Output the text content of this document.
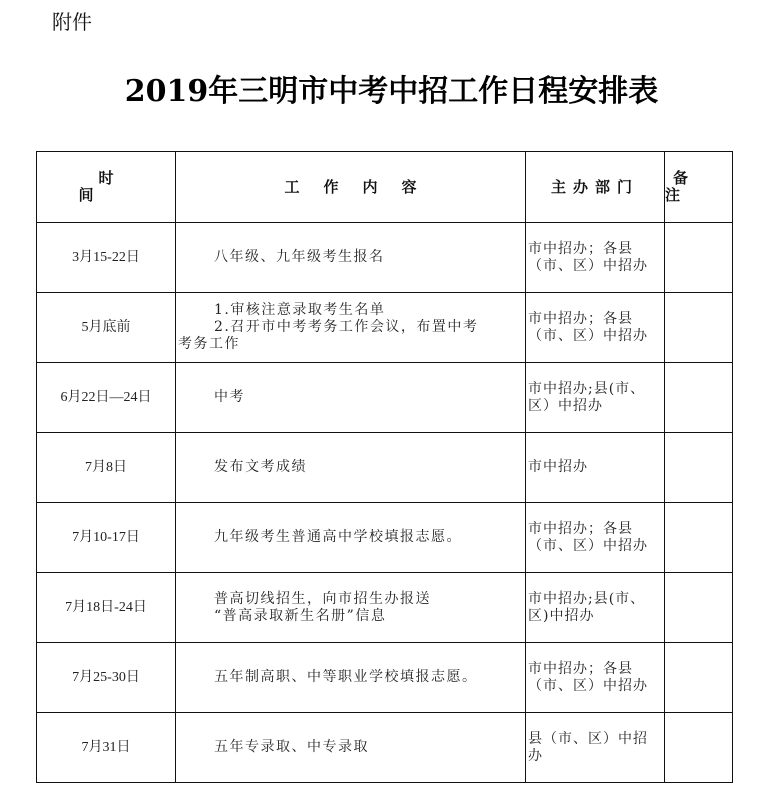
附件
2019年三明市中考中招工作日程安排表
时间	工作内容	主办部门	备注
3月15-22日	八年级、九年级考生报名	市中招办；各县
（市、区）中招办	

5月底前	1.审核注意录取考生名单
2.召开市中考考务工作会议，布置中考
考务工作	市中招办；各县
（市、区）中招办	

6月22日—24日	中考	市中招办;县(市、
区）中招办	

7月8日	发布文考成绩	市中招办	

7月10-17日	九年级考生普通高中学校填报志愿。	市中招办；各县
（市、区）中招办	

7月18日-24日	普高切线招生，向市招生办报送
“普高录取新生名册”信息	市中招办;县(市、
区)中招办	

7月25-30日	五年制高职、中等职业学校填报志愿。	市中招办；各县
（市、区）中招办	

7月31日	五年专录取、中专录取	县（市、区）中招
办	
